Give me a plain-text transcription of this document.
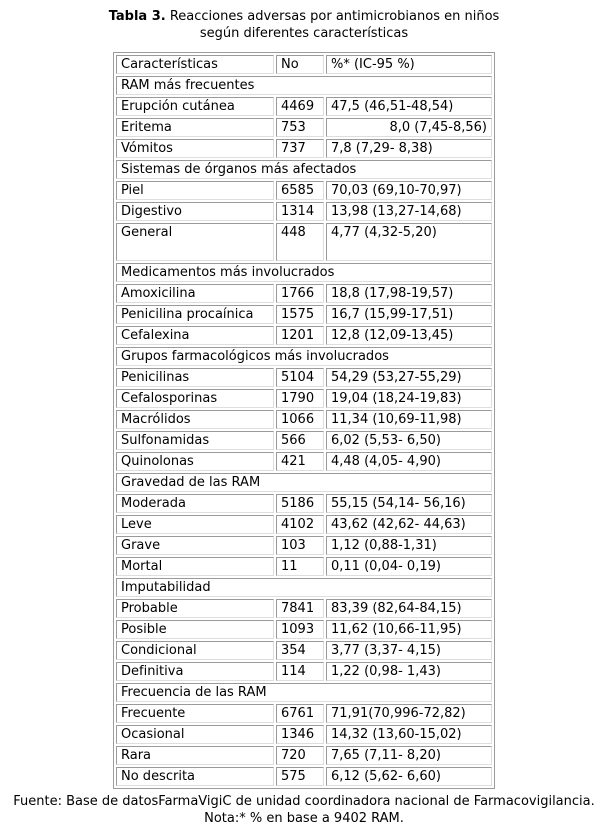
Tabla 3. Reacciones adversas por antimicrobianos en niños
según diferentes características
Características	No	%* (IC-95 %)
RAM más frecuentes		
Erupción cutánea	4469	47,5 (46,51-48,54)
Eritema	753	8,0 (7,45-8,56)
Vómitos	737	7,8 (7,29- 8,38)
Sistemas de órganos más afectados		
Piel	6585	70,03 (69,10-70,97)
Digestivo	1314	13,98 (13,27-14,68)
General	448	4,77 (4,32-5,20)
Medicamentos más involucrados		
Amoxicilina	1766	18,8 (17,98-19,57)
Penicilina procaínica	1575	16,7 (15,99-17,51)
Cefalexina	1201	12,8 (12,09-13,45)
Grupos farmacológicos más involucrados		
Penicilinas	5104	54,29 (53,27-55,29)
Cefalosporinas	1790	19,04 (18,24-19,83)
Macrólidos	1066	11,34 (10,69-11,98)
Sulfonamidas	566	6,02 (5,53- 6,50)
Quinolonas	421	4,48 (4,05- 4,90)
Gravedad de las RAM		
Moderada	5186	55,15 (54,14- 56,16)
Leve	4102	43,62 (42,62- 44,63)
Grave	103	1,12 (0,88-1,31)
Mortal	11	0,11 (0,04- 0,19)
Imputabilidad		
Probable	7841	83,39 (82,64-84,15)
Posible	1093	11,62 (10,66-11,95)
Condicional	354	3,77 (3,37- 4,15)
Definitiva	114	1,22 (0,98- 1,43)
Frecuencia de las RAM		
Frecuente	6761	71,91(70,996-72,82)
Ocasional	1346	14,32 (13,60-15,02)
Rara	720	7,65 (7,11- 8,20)
No descrita	575	6,12 (5,62- 6,60)
Fuente: Base de datosFarmaVigiC de unidad coordinadora nacional de Farmacovigilancia.
Nota:* % en base a 9402 RAM.
